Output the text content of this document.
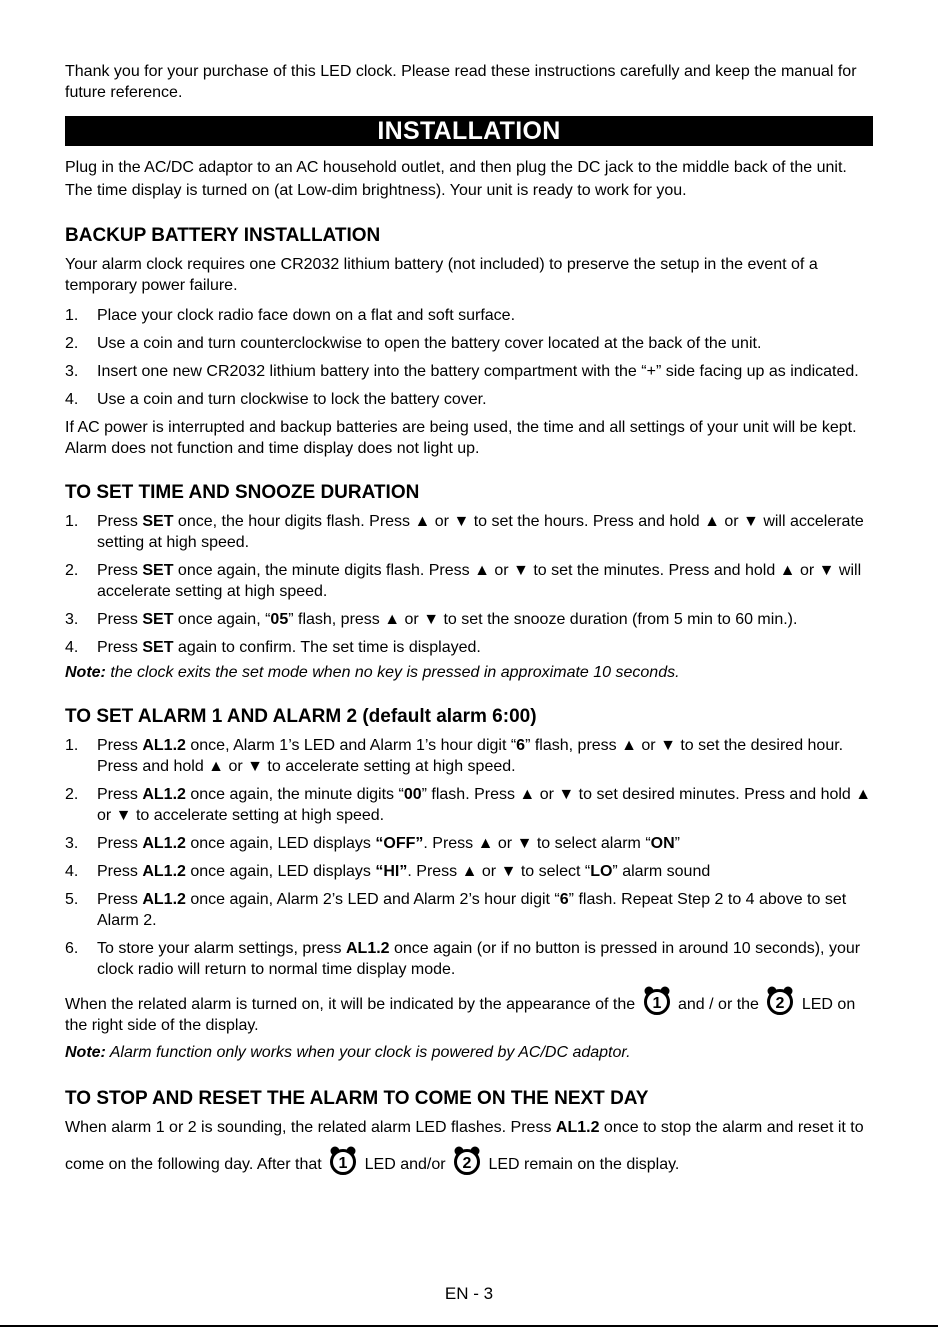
Thank you for your purchase of this LED clock. Please read these instructions carefully and keep the manual for future reference.

INSTALLATION

Plug in the AC/DC adaptor to an AC household outlet, and then plug the DC jack to the middle back of the unit. The time display is turned on (at Low-dim brightness). Your unit is ready to work for you.

BACKUP BATTERY INSTALLATION

Your alarm clock requires one CR2032 lithium battery (not included) to preserve the setup in the event of a temporary power failure.

1.	Place your clock radio face down on a flat and soft surface.
2.	Use a coin and turn counterclockwise to open the battery cover located at the back of the unit.
3.	Insert one new CR2032 lithium battery into the battery compartment with the “+” side facing up as indicated.
4.	Use a coin and turn clockwise to lock the battery cover.

If AC power is interrupted and backup batteries are being used, the time and all settings of your unit will be kept. Alarm does not function and time display does not light up.

TO SET TIME AND SNOOZE DURATION
1.	Press SET once, the hour digits flash. Press ▲ or ▼ to set the hours. Press and hold ▲ or ▼ will accelerate setting at high speed.
2.	Press SET once again, the minute digits flash. Press ▲ or ▼ to set the minutes. Press and hold ▲ or ▼ will accelerate setting at high speed.
3.	Press SET once again, “05” flash, press ▲ or ▼ to set the snooze duration (from 5 min to 60 min.).
4.	Press SET again to confirm. The set time is displayed.

Note: the clock exits the set mode when no key is pressed in approximate 10 seconds.

TO SET ALARM 1 AND ALARM 2 (default alarm 6:00)
1.	Press AL1.2 once, Alarm 1’s LED and Alarm 1’s hour digit “6” flash, press ▲ or ▼ to set the desired hour. Press and hold ▲ or ▼ to accelerate setting at high speed.
2.	Press AL1.2 once again, the minute digits “00” flash. Press ▲ or ▼ to set desired minutes. Press and hold ▲ or ▼ to accelerate setting at high speed.
3.	Press AL1.2 once again, LED displays “OFF”. Press ▲ or ▼ to select alarm “ON”
4.	Press AL1.2 once again, LED displays “HI”. Press ▲ or ▼ to select “LO” alarm sound
5.	Press AL1.2 once again, Alarm 2’s LED and Alarm 2’s hour digit “6” flash. Repeat Step 2 to 4 above to set Alarm 2.
6.	To store your alarm settings, press AL1.2 once again (or if no button is pressed in around 10 seconds), your clock radio will return to normal time display mode.

When the related alarm is turned on, it will be indicated by the appearance of the 1 and / or the 2 LED on the right side of the display.

Note: Alarm function only works when your clock is powered by AC/DC adaptor.

TO STOP AND RESET THE ALARM TO COME ON THE NEXT DAY

When alarm 1 or 2 is sounding, the related alarm LED flashes. Press AL1.2 once to stop the alarm and reset it to come on the following day. After that 1 LED and/or 2 LED remain on the display.

EN - 3
